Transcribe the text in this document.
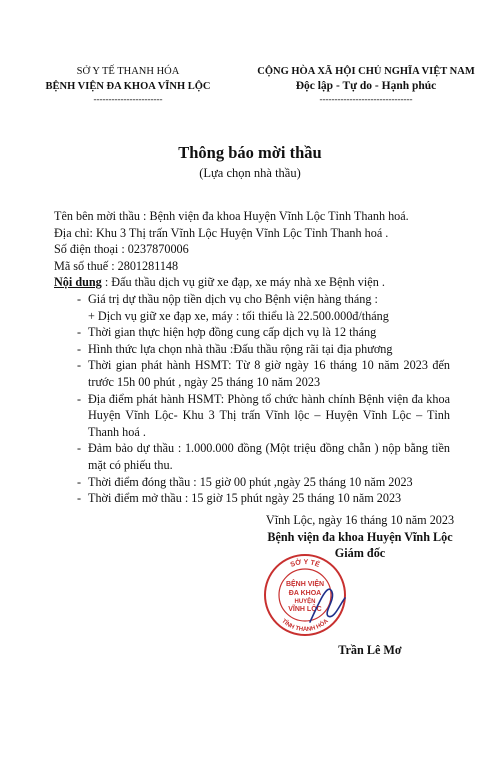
SỞ Y TẾ THANH HÓA
BỆNH VIỆN ĐA KHOA VĨNH LỘC
-----------------------
CỘNG HÒA XÃ HỘI CHỦ NGHĨA VIỆT NAM
Độc lập - Tự do - Hạnh phúc
-------------------------------
Thông báo mời thầu
(Lựa chọn nhà thầu)
Tên bên mời thầu : Bệnh viện đa khoa Huyện Vĩnh Lộc Tỉnh Thanh hoá.
Địa chỉ: Khu 3 Thị trấn Vĩnh Lộc Huyện Vĩnh Lộc Tỉnh Thanh hoá .
Số điện thoại : 0237870006
Mã số thuế : 2801281148
Nội dung : Đấu thầu dịch vụ giữ xe đạp, xe máy nhà xe Bệnh viện .
- Giá trị dự thầu nộp tiền dịch vụ cho Bệnh viện hàng tháng :
+ Dịch vụ giữ xe đạp xe, máy : tối thiểu là 22.500.000đ/tháng
- Thời gian thực hiện hợp đồng cung cấp dịch vụ là 12 tháng
- Hình thức lựa chọn nhà thầu :Đấu thầu rộng rãi tại địa phương
- Thời gian phát hành HSMT: Từ 8 giờ ngày 16 tháng 10 năm 2023 đến trước 15h 00 phút , ngày 25 tháng 10 năm 2023
- Địa điểm phát hành HSMT: Phòng tổ chức hành chính Bệnh viện đa khoa Huyện Vĩnh Lộc- Khu 3 Thị trấn Vĩnh lộc – Huyện Vĩnh Lộc – Tỉnh Thanh hoá .
- Đảm bảo dự thầu : 1.000.000 đồng (Một triệu đồng chẵn ) nộp bằng tiền mặt có phiếu thu.
- Thời điểm đóng thầu : 15 giờ 00 phút ,ngày 25 tháng 10 năm 2023
- Thời điểm mở thầu : 15 giờ 15 phút ngày 25 tháng 10 năm 2023
Vĩnh Lộc, ngày 16 tháng 10 năm 2023
Bệnh viện đa khoa Huyện Vĩnh Lộc
Giám đốc
Trần Lê Mơ
SỞ Y TẾ
TỈNH THANH HÓA
BỆNH VIỆN
ĐA KHOA
HUYỆN
VĨNH LỘC
